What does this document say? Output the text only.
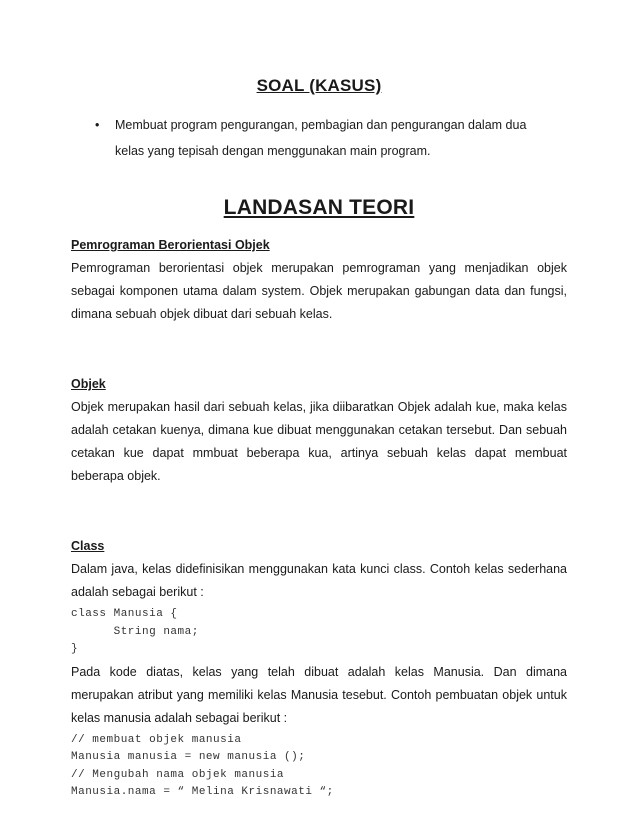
SOAL (KASUS)
•	Membuat program pengurangan, pembagian dan pengurangan dalam dua kelas yang tepisah dengan menggunakan main program.
LANDASAN TEORI
Pemrograman Berorientasi Objek

Pemrograman berorientasi objek merupakan pemrograman yang menjadikan objek sebagai komponen utama dalam system. Objek merupakan gabungan data dan fungsi, dimana sebuah objek dibuat dari sebuah kelas.

Objek

Objek merupakan hasil dari sebuah kelas, jika diibaratkan Objek adalah kue, maka kelas adalah cetakan kuenya, dimana kue dibuat menggunakan cetakan tersebut. Dan sebuah cetakan kue dapat mmbuat beberapa kua, artinya sebuah kelas dapat membuat beberapa objek.

Class

Dalam java, kelas didefinisikan menggunakan kata kunci class. Contoh kelas sederhana adalah sebagai berikut :

class Manusia {
String nama;
}

Pada kode diatas, kelas yang telah dibuat adalah kelas Manusia. Dan dimana merupakan atribut yang memiliki kelas Manusia tesebut. Contoh pembuatan objek untuk kelas manusia adalah sebagai berikut :

// membuat objek manusia
Manusia manusia = new manusia ();
// Mengubah nama objek manusia
Manusia.nama = “ Melina Krisnawati “;
